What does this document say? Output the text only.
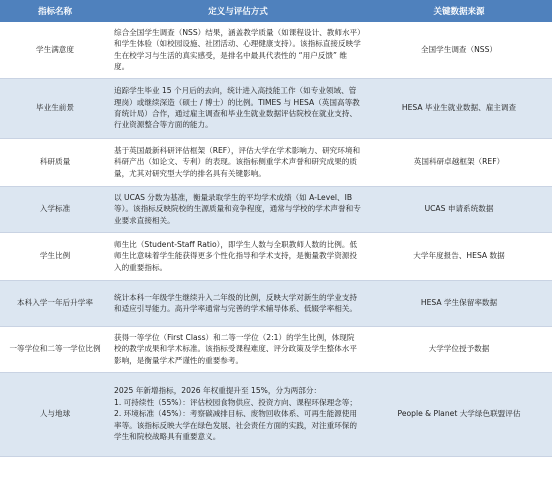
指标名称	定义与评估方式	关键数据来源
学生满意度	综合全国学生调查（NSS）结果，涵盖教学质量（如课程设计、教师水平）和学生体验（如校园设施、社团活动、心理健康支持）。该指标直接反映学生在校学习与生活的真实感受，是排名中最具代表性的 “用户反馈” 维度。	全国学生调查（NSS）
毕业生前景	追踪学生毕业 15 个月后的去向，统计进入高技能工作（如专业领域、管理岗）或继续深造（硕士 / 博士）的比例。TIMES 与 HESA（英国高等教育统计局）合作，通过雇主调查和毕业生就业数据评估院校在就业支持、行业资源整合等方面的能力。	HESA 毕业生就业数据、雇主调查
科研质量	基于英国最新科研评估框架（REF），评估大学在学术影响力、研究环境和科研产出（如论文、专利）的表现。该指标侧重学术声誉和研究成果的质量，尤其对研究型大学的排名具有关键影响。	英国科研卓越框架（REF）
入学标准	以 UCAS 分数为基准，衡量录取学生的平均学术成绩（如 A-Level、IB 等）。该指标反映院校的生源质量和竞争程度，通常与学校的学术声誉和专业要求直接相关。	UCAS 申请系统数据
学生比例	师生比（Student-Staff Ratio），即学生人数与全职教师人数的比例。低师生比意味着学生能获得更多个性化指导和学术支持，是衡量教学资源投入的重要指标。	大学年度报告、HESA 数据
本科入学一年后升学率	统计本科一年级学生继续升入二年级的比例，反映大学对新生的学业支持和适应引导能力。高升学率通常与完善的学术辅导体系、低辍学率相关。	HESA 学生保留率数据
一等学位和二等一学位比例	获得一等学位（First Class）和二等一学位（2:1）的学生比例，体现院校的教学成果和学术标准。该指标受课程难度、评分政策及学生整体水平影响，是衡量学术严谨性的重要参考。	大学学位授予数据
人与地球	2025 年新增指标，2026 年权重提升至 15%，分为两部分：
1. 可持续性（55%）：评估校园食物供应、投资方向、课程环保理念等；
2. 环境标准（45%）：考察碳减排目标、废物回收体系、可再生能源使用率等。该指标反映大学在绿色发展、社会责任方面的实践，对注重环保的学生和院校战略具有重要意义。	People & Planet 大学绿色联盟评估
